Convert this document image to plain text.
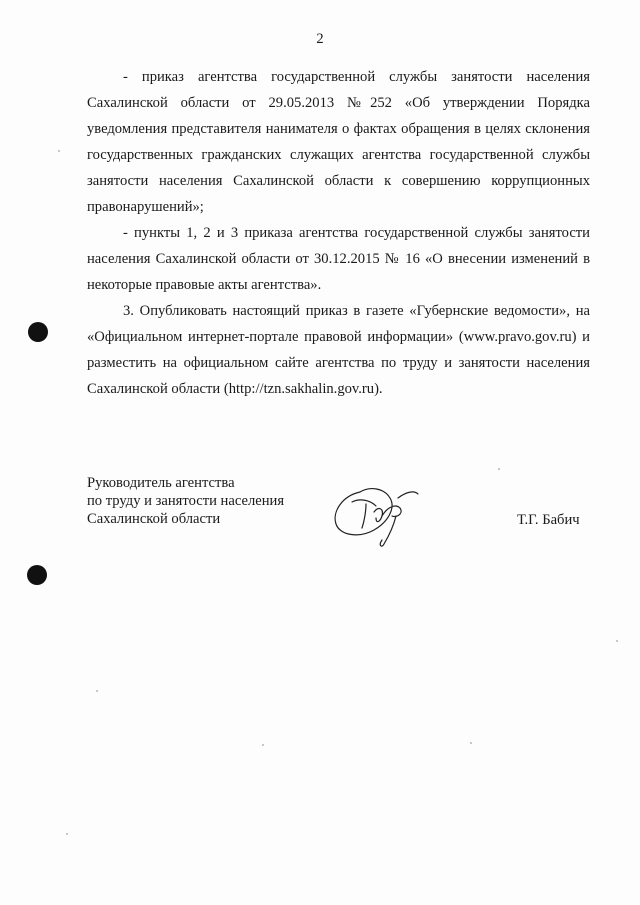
2

- приказ агентства государственной службы занятости населения Сахалинской области от 29.05.2013 №252 «Об утверждении Порядка уведомления представителя нанимателя о фактах обращения в целях склонения государственных гражданских служащих агентства государственной службы занятости населения Сахалинской области к совершению коррупционных правонарушений»;

- пункты 1, 2 и 3 приказа агентства государственной службы занятости населения Сахалинской области от 30.12.2015 № 16 «О внесении изменений в некоторые правовые акты агентства».

3. Опубликовать настоящий приказ в газете «Губернские ведомости», на «Официальном интернет-портале правовой информации» (www.pravo.gov.ru) и разместить на официальном сайте агентства по труду и занятости населения Сахалинской области (http://tzn.sakhalin.gov.ru).

Руководитель агентства
по труду и занятости населения
Сахалинской области	Т.Г. Бабич
